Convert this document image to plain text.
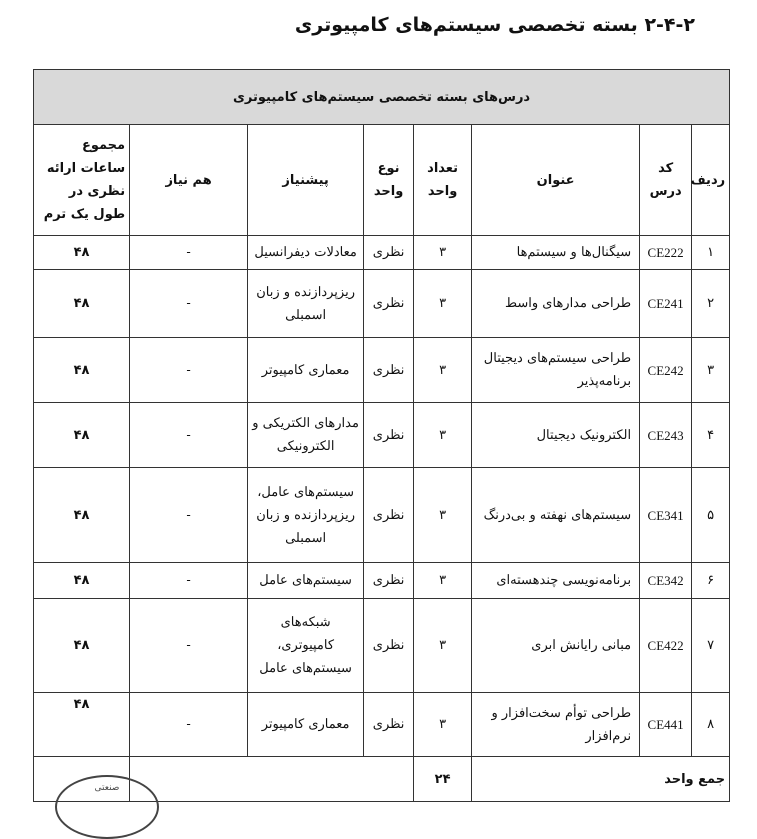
۲-۴-۲ بسته تخصصی سیستم‌های کامپیوتری
درس‌های بسته تخصصی سیستم‌های کامپیوتری							
ردیف	کد درس	عنوان	تعداد واحد	نوع واحد	پیشنیاز	هم نیاز	مجموع ساعات ارائه نظری در طول یک ترم
۱	CE222	سیگنال‌ها و سیستم‌ها	۳	نظری	معادلات دیفرانسیل	-	۴۸
۲	CE241	طراحی مدارهای واسط	۳	نظری	ریزپردازنده و زبان اسمبلی	-	۴۸
۳	CE242	طراحی سیستم‌های دیجیتال برنامه‌پذیر	۳	نظری	معماری کامپیوتر	-	۴۸
۴	CE243	الکترونیک دیجیتال	۳	نظری	مدارهای الکتریکی و الکترونیکی	-	۴۸
۵	CE341	سیستم‌های نهفته و بی‌درنگ	۳	نظری	سیستم‌های عامل، ریزپردازنده و زبان اسمبلی	-	۴۸
۶	CE342	برنامه‌نویسی چندهسته‌ای	۳	نظری	سیستم‌های عامل	-	۴۸
۷	CE422	مبانی رایانش ابری	۳	نظری	شبکه‌های کامپیوتری، سیستم‌های عامل	-	۴۸
۸	CE441	طراحی توأم سخت‌افزار و نرم‌افزار	۳	نظری	معماری کامپیوتر	-	۴۸
جمع واحد			۲۴				
صنعتی
